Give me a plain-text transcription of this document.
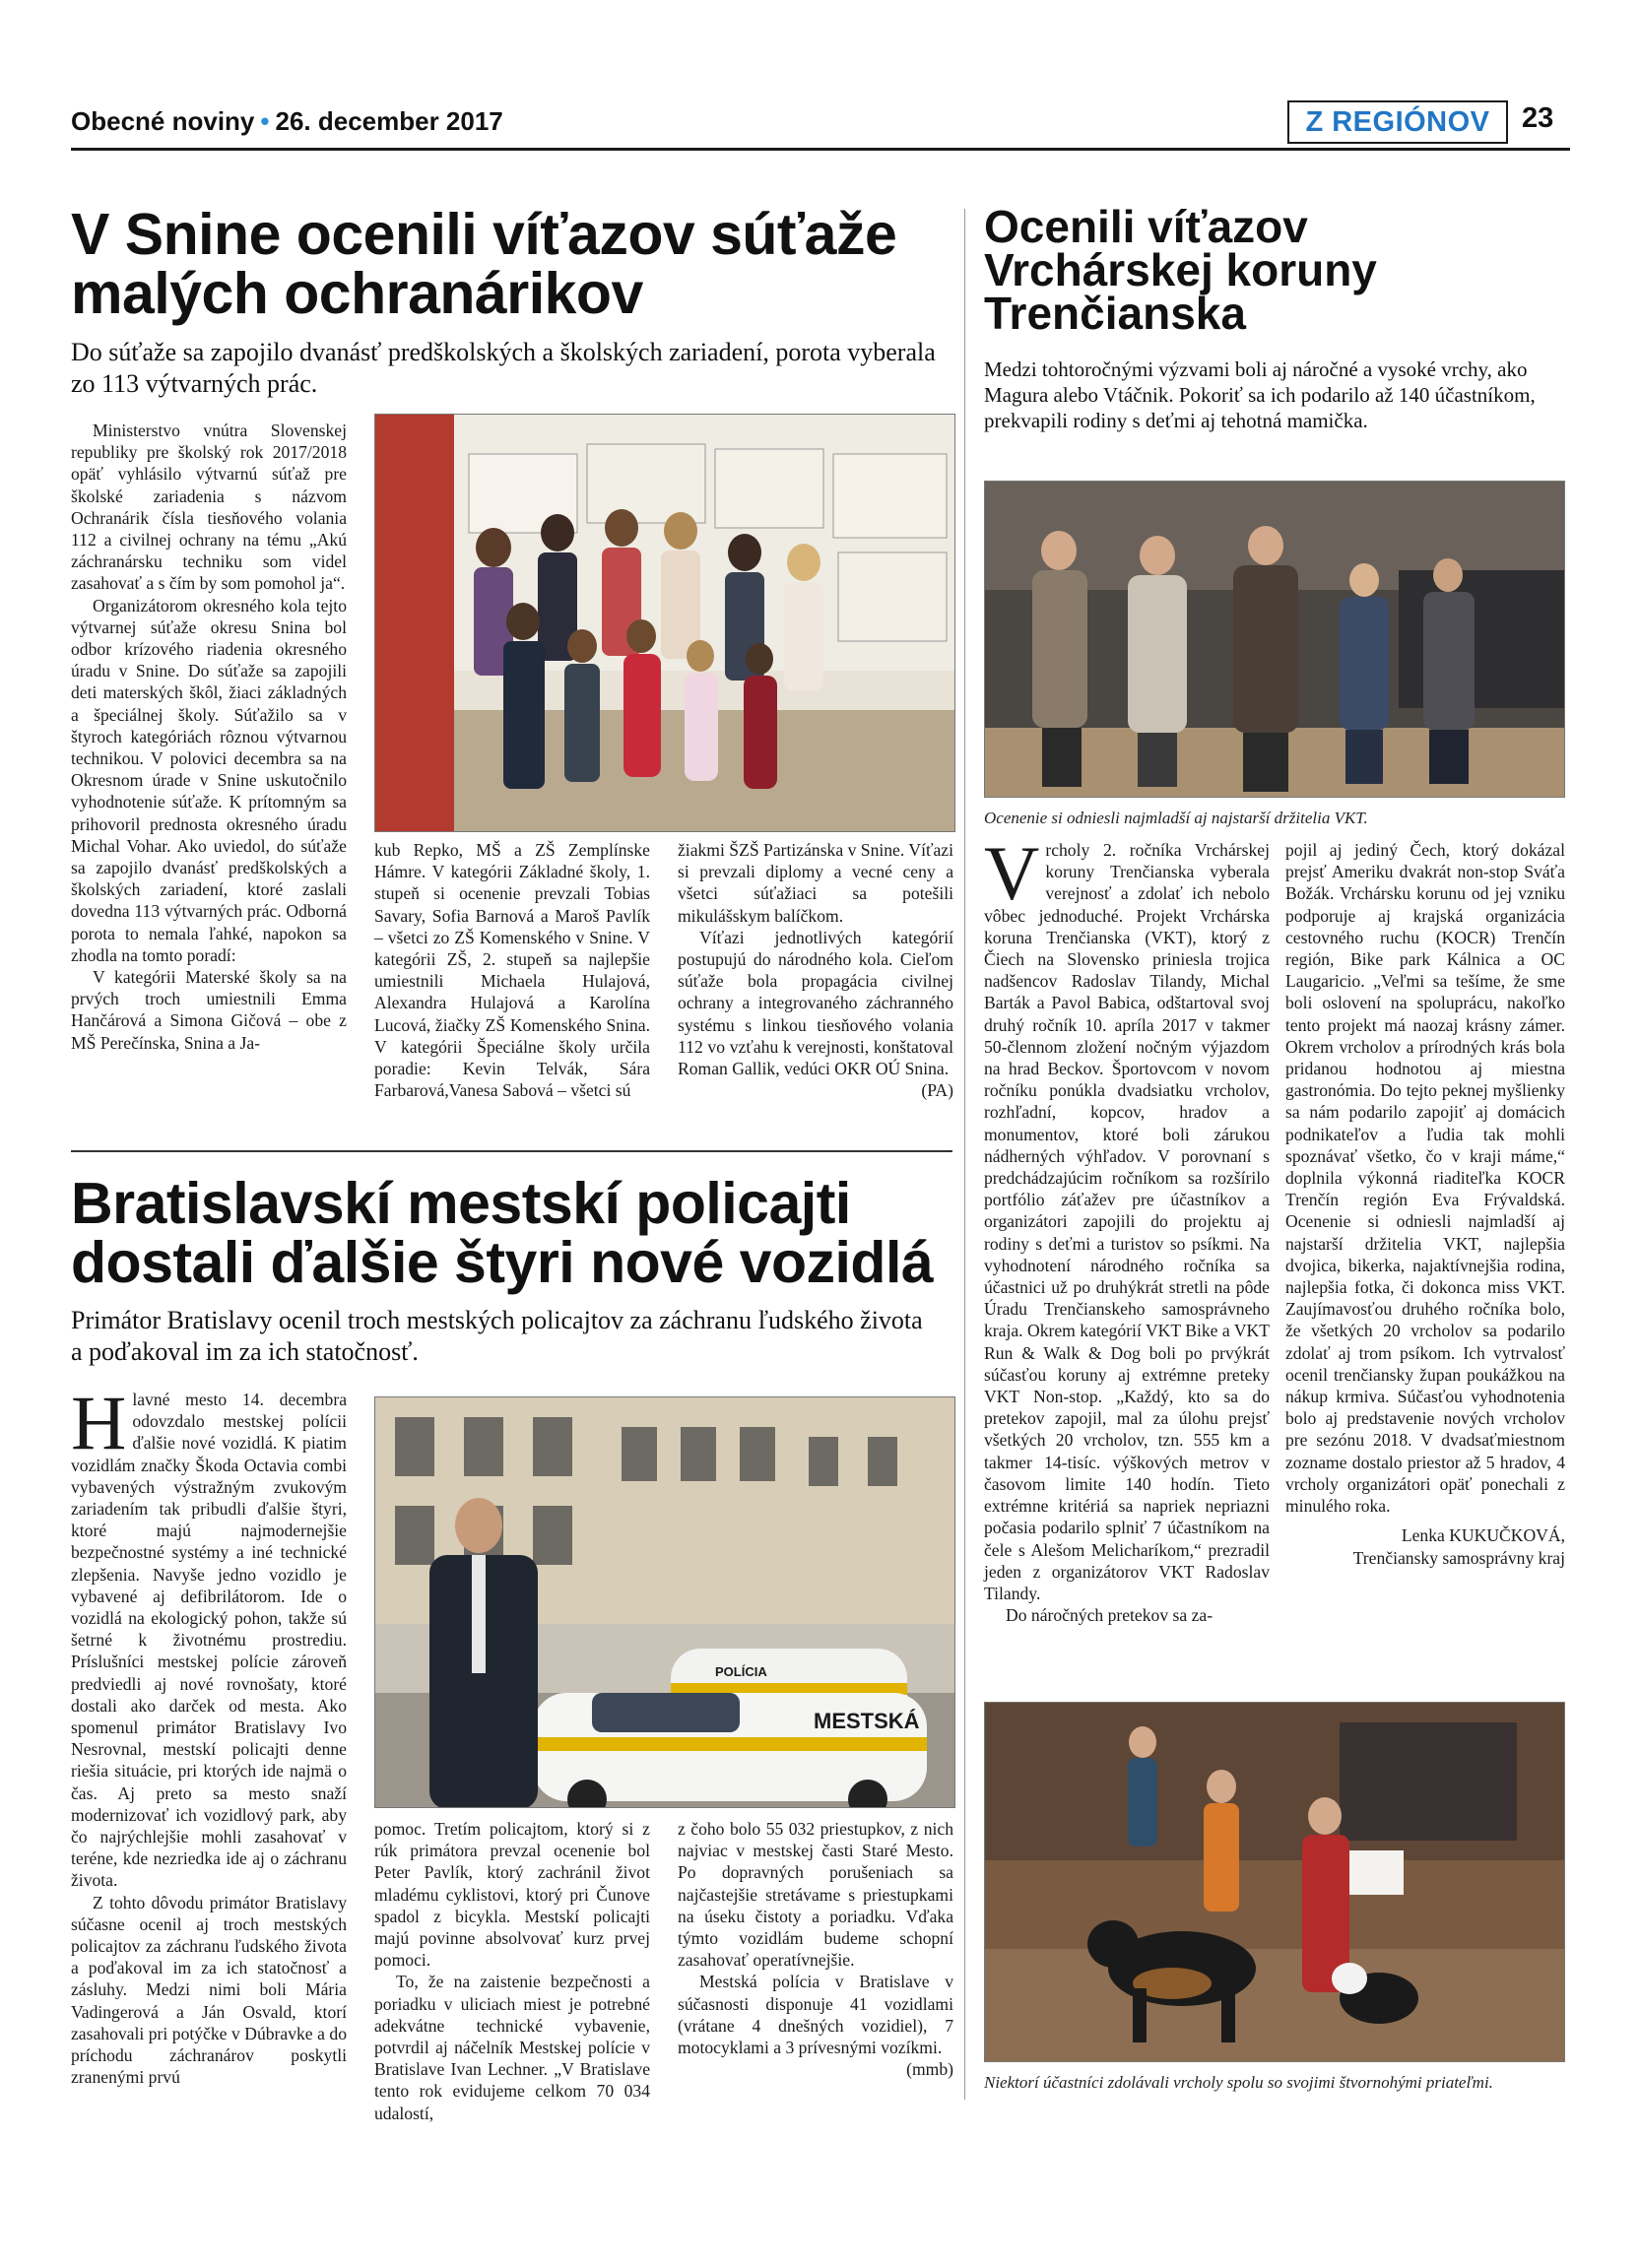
Obecné noviny • 26. december 2017	Z REGIÓNOV	23
V Snine ocenili víťazov súťaže malých ochranárikov
Do súťaže sa zapojilo dvanásť predškolských a školských zariadení, porota vyberala zo 113 výtvarných prác.

Ministerstvo vnútra Slovenskej republiky pre školský rok 2017/2018 opäť vyhlásilo výtvarnú súťaž pre školské zariadenia s názvom Ochranárik čísla tiesňového volania 112 a civilnej ochrany na tému „Akú záchranársku techniku som videl zasahovať a s čím by som pomohol ja“.

Organizátorom okresného kola tejto výtvarnej súťaže okresu Snina bol odbor krízového riadenia okresného úradu v Snine. Do súťaže sa zapojili deti materských škôl, žiaci základných a špeciálnej školy. Súťažilo sa v štyroch kategóriách rôznou výtvarnou technikou. V polovici decembra sa na Okresnom úrade v Snine uskutočnilo vyhodnotenie súťaže. K prítomným sa prihovoril prednosta okresného úradu Michal Vohar. Ako uviedol, do súťaže sa zapojilo dvanásť predškolských a školských zariadení, ktoré zaslali dovedna 113 výtvarných prác. Odborná porota to nemala ľahké, napokon sa zhodla na tomto poradí:

V kategórii Materské školy sa na prvých troch umiestnili Emma Hančárová a Simona Gičová – obe z MŠ Perečínska, Snina a Ja-

kub Repko, MŠ a ZŠ Zemplínske Hámre. V kategórii Základné školy, 1. stupeň si ocenenie prevzali Tobias Savary, Sofia Barnová a Maroš Pavlík – všetci zo ZŠ Komenského v Snine. V kategórii ZŠ, 2. stupeň sa najlepšie umiestnili Michaela Hulajová, Alexandra Hulajová a Karolína Lucová, žiačky ZŠ Komenského Snina. V kategórii Špeciálne školy určila poradie: Kevin Telvák, Sára Farbarová,Vanesa Sabová – všetci sú

žiakmi ŠZŠ Partizánska v Snine. Víťazi si prevzali diplomy a vecné ceny a všetci súťažiaci sa potešili mikulášskym balíčkom.

Víťazi jednotlivých kategórií postupujú do národného kola. Cieľom súťaže bola propagácia civilnej ochrany a integrovaného záchranného systému s linkou tiesňového volania 112 vo vzťahu k verejnosti, konštatoval Roman Gallik, vedúci OKR OÚ Snina.

(PA)

Bratislavskí mestskí policajti dostali ďalšie štyri nové vozidlá
Primátor Bratislavy ocenil troch mestských policajtov za záchranu ľudského života a poďakoval im za ich statočnosť.

Hlavné mesto 14. decembra odovzdalo mestskej polícii ďalšie nové vozidlá. K piatim vozidlám značky Škoda Octavia combi vybavených výstražným zvukovým zariadením tak pribudli ďalšie štyri, ktoré majú najmodernejšie bezpečnostné systémy a iné technické zlepšenia. Navyše jedno vozidlo je vybavené aj defibrilátorom. Ide o vozidlá na ekologický pohon, takže sú šetrné k životnému prostrediu. Príslušníci mestskej polície zároveň predviedli aj nové rovnošaty, ktoré dostali ako darček od mesta. Ako spomenul primátor Bratislavy Ivo Nesrovnal, mestskí policajti denne riešia situácie, pri ktorých ide najmä o čas. Aj preto sa mesto snaží modernizovať ich vozidlový park, aby čo najrýchlejšie mohli zasahovať v teréne, kde nezriedka ide aj o záchranu života.

Z tohto dôvodu primátor Bratislavy súčasne ocenil aj troch mestských policajtov za záchranu ľudského života a poďakoval im za ich statočnosť a zásluhy. Medzi nimi boli Mária Vadingerová a Ján Osvald, ktorí zasahovali pri potýčke v Dúbravke a do príchodu záchranárov poskytli zranenými prvú

MESTSKÁ
POLÍCIA

pomoc. Tretím policajtom, ktorý si z rúk primátora prevzal ocenenie bol Peter Pavlík, ktorý zachránil život mladému cyklistovi, ktorý pri Čunove spadol z bicykla. Mestskí policajti majú povinne absolvovať kurz prvej pomoci.

To, že na zaistenie bezpečnosti a poriadku v uliciach miest je potrebné adekvátne technické vybavenie, potvrdil aj náčelník Mestskej polície v Bratislave Ivan Lechner. „V Bratislave tento rok evidujeme celkom 70 034 udalostí,

z čoho bolo 55 032 priestupkov, z nich najviac v mestskej časti Staré Mesto. Po dopravných porušeniach sa najčastejšie stretávame s priestupkami na úseku čistoty a poriadku. Vďaka týmto vozidlám budeme schopní zasahovať operatívnejšie.

Mestská polícia v Bratislave v súčasnosti disponuje 41 vozidlami (vrátane 4 dnešných vozidiel), 7 motocyklami a 3 prívesnými vozíkmi.

(mmb)

Ocenili víťazov Vrchárskej koruny Trenčianska
Medzi tohtoročnými výzvami boli aj náročné a vysoké vrchy, ako Magura alebo Vtáčnik. Pokoriť sa ich podarilo až 140 účastníkom, prekvapili rodiny s deťmi aj tehotná mamička.
Ocenenie si odniesli najmladší aj najstarší držitelia VKT.

Vrcholy 2. ročníka Vrchárskej koruny Trenčianska vyberala verejnosť a zdolať ich nebolo vôbec jednoduché. Projekt Vrchárska koruna Trenčianska (VKT), ktorý z Čiech na Slovensko priniesla trojica nadšencov Radoslav Tilandy, Michal Barták a Pavol Babica, odštartoval svoj druhý ročník 10. apríla 2017 v takmer 50-člennom zložení nočným výjazdom na hrad Beckov. Športovcom v novom ročníku ponúkla dvadsiatku vrcholov, rozhľadní, kopcov, hradov a monumentov, ktoré boli zárukou nádherných výhľadov. V porovnaní s predchádzajúcim ročníkom sa rozšírilo portfólio záťažev pre účastníkov a organizátori zapojili do projektu aj rodiny s deťmi a turistov so psíkmi. Na vyhodnotení národného ročníka sa účastnici už po druhýkrát stretli na pôde Úradu Trenčianskeho samosprávneho kraja. Okrem kategórií VKT Bike a VKT Run & Walk & Dog boli po prvýkrát súčasťou koruny aj extrémne preteky VKT Non-stop. „Každý, kto sa do pretekov zapojil, mal za úlohu prejsť všetkých 20 vrcholov, tzn. 555 km a takmer 14-tisíc. výškových metrov v časovom limite 140 hodín. Tieto extrémne kritériá sa napriek nepriazni počasia podarilo splniť 7 účastníkom na čele s Alešom Melicharíkom,“ prezradil jeden z organizátorov VKT Radoslav Tilandy.

Do náročných pretekov sa za-

pojil aj jediný Čech, ktorý dokázal prejsť Ameriku dvakrát non-stop Sváťa Božák. Vrchársku korunu od jej vzniku podporuje aj krajská organizácia cestovného ruchu (KOCR) Trenčín región, Bike park Kálnica a OC Laugaricio. „Veľmi sa tešíme, že sme boli oslovení na spoluprácu, nakoľko tento projekt má naozaj krásny zámer. Okrem vrcholov a prírodných krás bola pridanou hodnotou aj miestna gastronómia. Do tejto peknej myšlienky sa nám podarilo zapojiť aj domácich podnikateľov a ľudia tak mohli spoznávať všetko, čo v kraji máme,“ doplnila výkonná riaditeľka KOCR Trenčín región Eva Frývaldská. Ocenenie si odniesli najmladší aj najstarší držitelia VKT, najlepšia dvojica, bikerka, najaktívnejšia rodina, najlepšia fotka, či dokonca miss VKT. Zaujímavosťou druhého ročníka bolo, že všetkých 20 vrcholov sa podarilo zdolať aj trom psíkom. Ich vytrvalosť ocenil trenčiansky župan poukážkou na nákup krmiva. Súčasťou vyhodnotenia bolo aj predstavenie nových vrcholov pre sezónu 2018. V dvadsaťmiestnom zozname dostalo priestor až 5 hradov, 4 vrcholy organizátori opäť ponechali z minulého roka.

Lenka KUKUČKOVÁ,

Trenčiansky samosprávny kraj

Niektorí účastníci zdolávali vrcholy spolu so svojimi štvornohými priateľmi.
